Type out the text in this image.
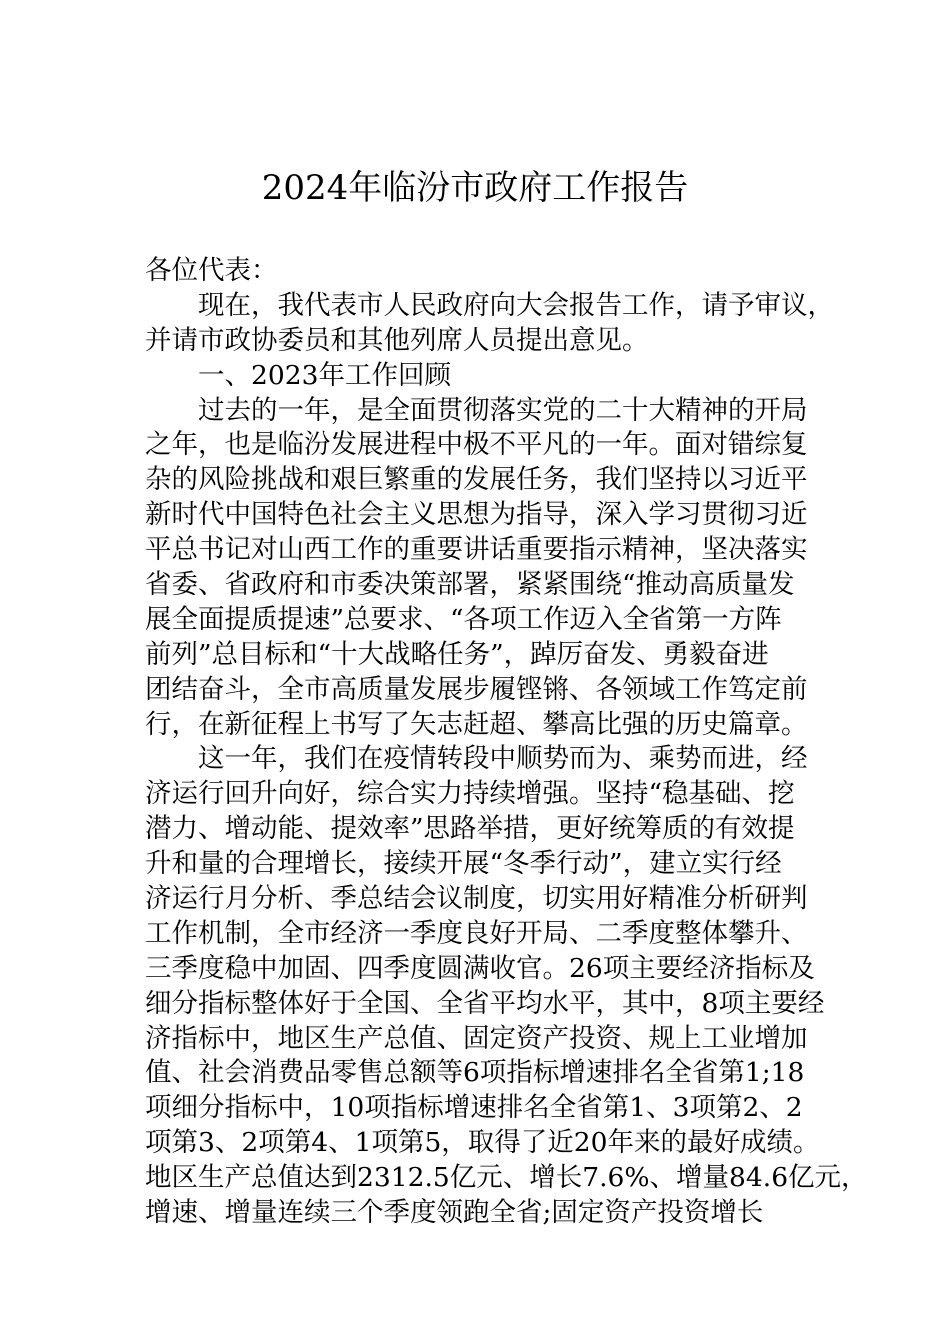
2024年临汾市政府工作报告
各位代表：
现在，我代表市人民政府向大会报告工作，请予审议，
并请市政协委员和其他列席人员提出意见。
一、2023年工作回顾
过去的一年，是全面贯彻落实党的二十大精神的开局
之年，也是临汾发展进程中极不平凡的一年。面对错综复
杂的风险挑战和艰巨繁重的发展任务，我们坚持以习近平
新时代中国特色社会主义思想为指导，深入学习贯彻习近
平总书记对山西工作的重要讲话重要指示精神，坚决落实
省委、省政府和市委决策部署，紧紧围绕“推动高质量发
展全面提质提速”总要求、“各项工作迈入全省第一方阵
前列”总目标和“十大战略任务”，踔厉奋发、勇毅奋进
团结奋斗，全市高质量发展步履铿锵、各领域工作笃定前
行，在新征程上书写了矢志赶超、攀高比强的历史篇章。
这一年，我们在疫情转段中顺势而为、乘势而进，经
济运行回升向好，综合实力持续增强。坚持“稳基础、挖
潜力、增动能、提效率”思路举措，更好统筹质的有效提
升和量的合理增长，接续开展“冬季行动”，建立实行经
济运行月分析、季总结会议制度，切实用好精准分析研判
工作机制，全市经济一季度良好开局、二季度整体攀升、
三季度稳中加固、四季度圆满收官。26项主要经济指标及
细分指标整体好于全国、全省平均水平，其中，8项主要经
济指标中，地区生产总值、固定资产投资、规上工业增加
值、社会消费品零售总额等6项指标增速排名全省第1;18
项细分指标中，10项指标增速排名全省第1、3项第2、2
项第3、2项第4、1项第5，取得了近20年来的最好成绩。
地区生产总值达到2312.5亿元、增长7.6%、增量84.6亿元，
增速、增量连续三个季度领跑全省;固定资产投资增长
